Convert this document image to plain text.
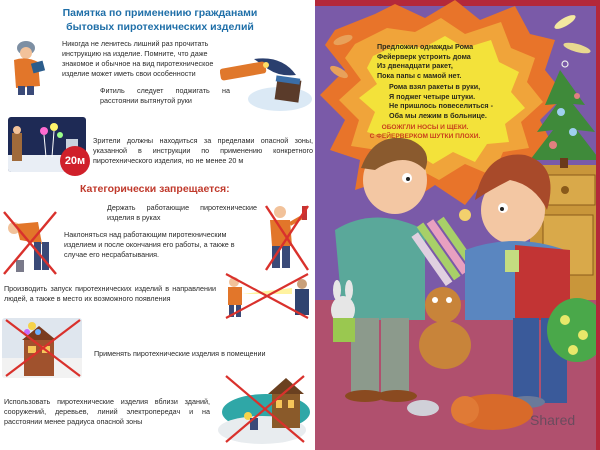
Памятка по применению гражданами
бытовых пиротехнических изделий
Никогда не ленитесь лишний раз прочитать инструкцию на изделие. Помните, что даже знакомое и обычное на вид пиротехническое изделие может иметь свои особенности
Фитиль следует поджигать на расстоянии вытянутой руки
20м
Зрители должны находиться за пределами опасной зоны, указанной в инструкции по применению конкретного пиротехнического изделия, но не менее 20 м
Категорически запрещается:
Держать работающие пиротехнические изделия в руках
Наклоняться над работающим пиротехническим изделием и после окончания его работы, а также в случае его несрабатывания.
Производить запуск пиротехнических изделий в направлении людей, а также в место их возможного появления
Применять пиротехнические изделия в помещении
Использовать пиротехнические изделия вблизи зданий, сооружений, деревьев, линий электропередач и на расстоянии менее радиуса опасной зоны
Предложил однажды Рома
Фейерверк устроить дома
Из двенадцати ракет,
Пока папы с мамой нет.
Рома взял ракеты в руки,
Я поджег четыре штуки.
Не пришлось повеселиться -
Оба мы лежим в больнице.
ОБОЖГЛИ НОСЫ И ЩЕКИ.
С ФЕЙЕРВЕРКОМ ШУТКИ ПЛОХИ.
Shared
